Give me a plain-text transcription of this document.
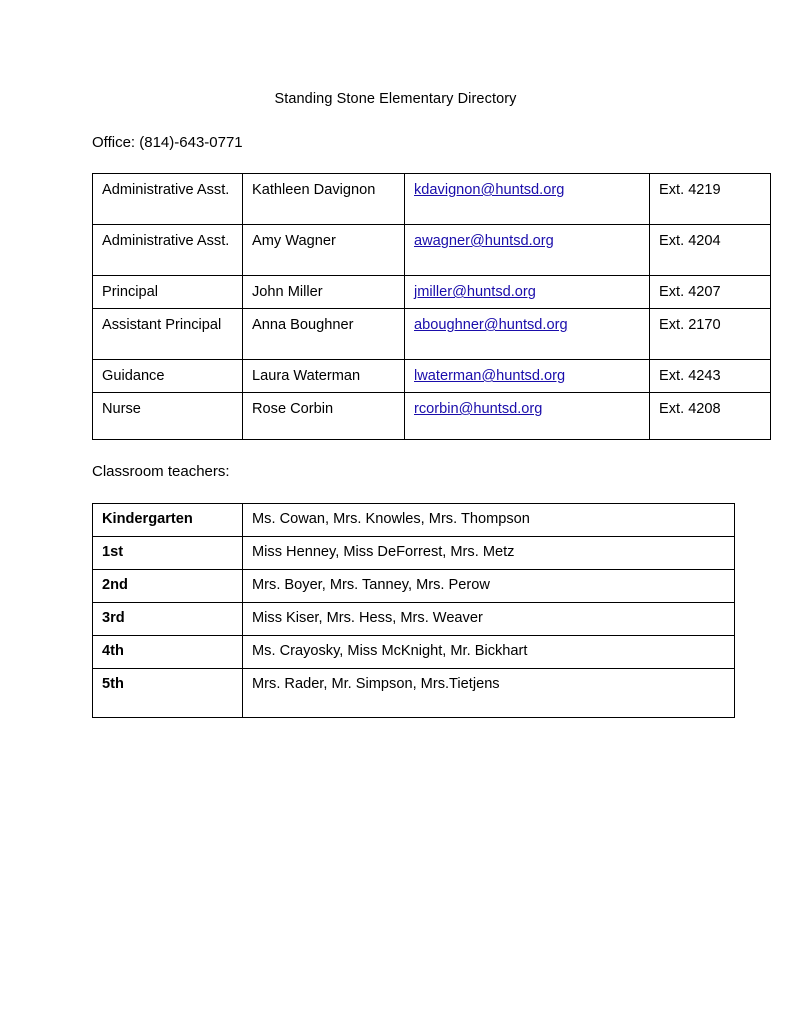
Standing Stone Elementary Directory
Office: (814)-643-0771
Administrative Asst.	Kathleen Davignon	kdavignon@huntsd.org	Ext. 4219
Administrative Asst.	Amy Wagner	awagner@huntsd.org	Ext. 4204
Principal	John Miller	jmiller@huntsd.org	Ext. 4207
Assistant Principal	Anna Boughner	aboughner@huntsd.org	Ext. 2170
Guidance	Laura Waterman	lwaterman@huntsd.org	Ext. 4243
Nurse	Rose Corbin	rcorbin@huntsd.org	Ext. 4208
Classroom teachers:
Kindergarten	Ms. Cowan, Mrs. Knowles, Mrs. Thompson
1st	Miss Henney, Miss DeForrest, Mrs. Metz
2nd	Mrs. Boyer, Mrs. Tanney, Mrs. Perow
3rd	Miss Kiser, Mrs. Hess, Mrs. Weaver
4th	Ms. Crayosky, Miss McKnight, Mr. Bickhart
5th	Mrs. Rader, Mr. Simpson, Mrs.Tietjens
